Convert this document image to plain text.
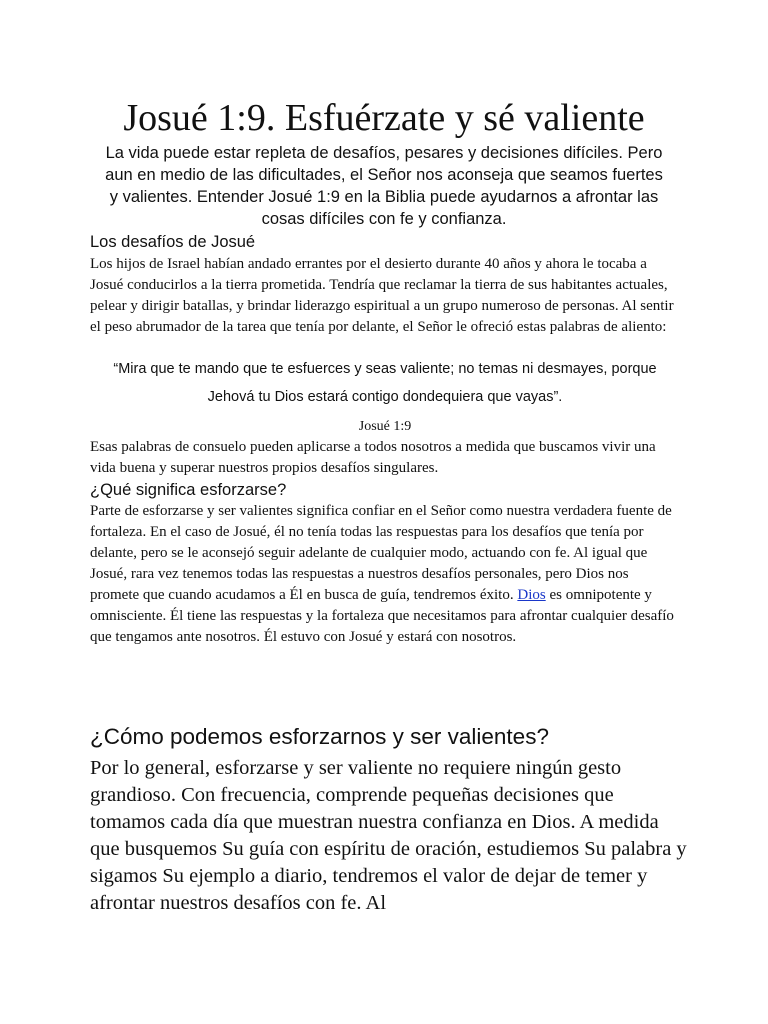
Josué 1:9. Esfuérzate y sé valiente

La vida puede estar repleta de desafíos, pesares y decisiones difíciles. Pero aun en medio de las dificultades, el Señor nos aconseja que seamos fuertes y valientes. Entender Josué 1:9 en la Biblia puede ayudarnos a afrontar las cosas difíciles con fe y confianza.

Los desafíos de Josué

Los hijos de Israel habían andado errantes por el desierto durante 40 años y ahora le tocaba a Josué conducirlos a la tierra prometida. Tendría que reclamar la tierra de sus habitantes actuales, pelear y dirigir batallas, y brindar liderazgo espiritual a un grupo numeroso de personas. Al sentir el peso abrumador de la tarea que tenía por delante, el Señor le ofreció estas palabras de aliento:

“Mira que te mando que te esfuerces y seas valiente; no temas ni desmayes, porque Jehová tu Dios estará contigo dondequiera que vayas”.

Josué 1:9

Esas palabras de consuelo pueden aplicarse a todos nosotros a medida que buscamos vivir una vida buena y superar nuestros propios desafíos singulares.

¿Qué significa esforzarse?

Parte de esforzarse y ser valientes significa confiar en el Señor como nuestra verdadera fuente de fortaleza. En el caso de Josué, él no tenía todas las respuestas para los desafíos que tenía por delante, pero se le aconsejó seguir adelante de cualquier modo, actuando con fe. Al igual que Josué, rara vez tenemos todas las respuestas a nuestros desafíos personales, pero Dios nos promete que cuando acudamos a Él en busca de guía, tendremos éxito. Dios es omnipotente y omnisciente. Él tiene las respuestas y la fortaleza que necesitamos para afrontar cualquier desafío que tengamos ante nosotros. Él estuvo con Josué y estará con nosotros.

¿Cómo podemos esforzarnos y ser valientes?

Por lo general, esforzarse y ser valiente no requiere ningún gesto grandioso. Con frecuencia, comprende pequeñas decisiones que tomamos cada día que muestran nuestra confianza en Dios. A medida que busquemos Su guía con espíritu de oración, estudiemos Su palabra y sigamos Su ejemplo a diario, tendremos el valor de dejar de temer y afrontar nuestros desafíos con fe. Al
